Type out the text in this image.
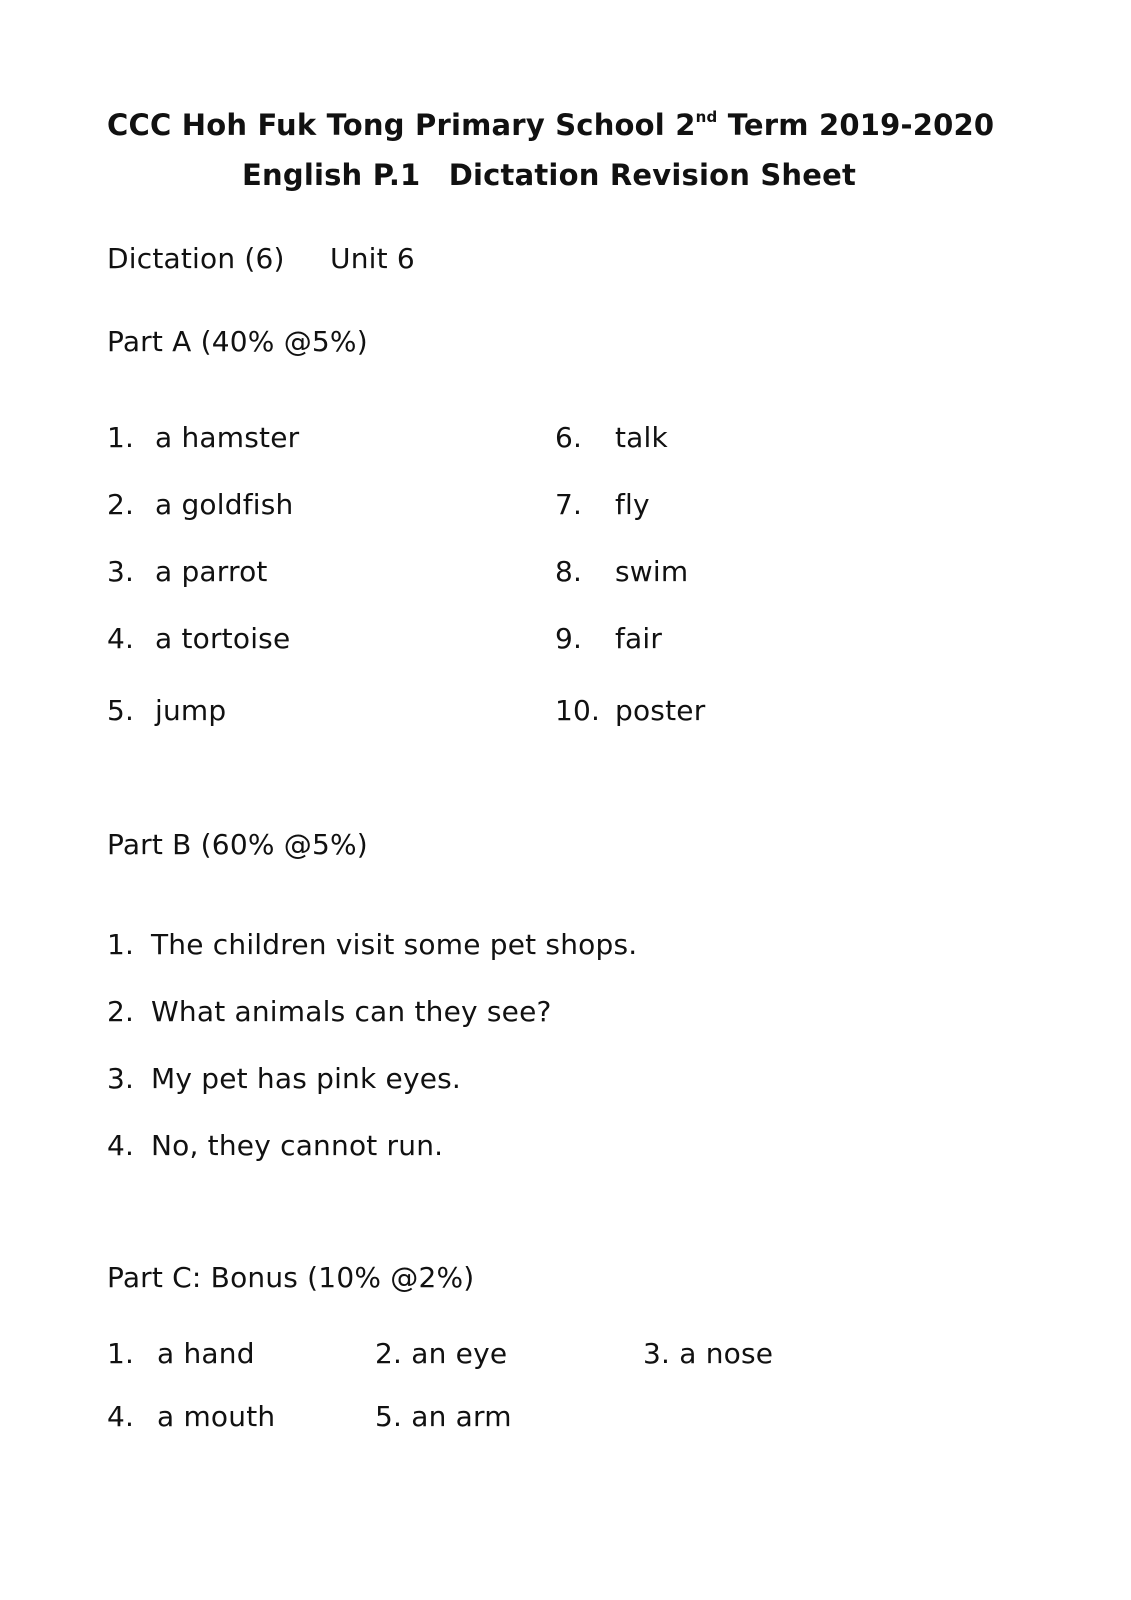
CCC Hoh Fuk Tong Primary School 2nd Term 2019-2020
English P.1 Dictation Revision Sheet
Dictation (6) Unit 6
Part A (40% @5%)
1. a hamster
2. a goldfish
3. a parrot
4. a tortoise
5. jump
6. talk
7. fly
8. swim
9. fair
10. poster
Part B (60% @5%)
1. The children visit some pet shops.
2. What animals can they see?
3. My pet has pink eyes.
4. No, they cannot run.
Part C: Bonus (10% @2%)
1. a hand	2. an eye	3. a nose
4. a mouth	5. an arm
